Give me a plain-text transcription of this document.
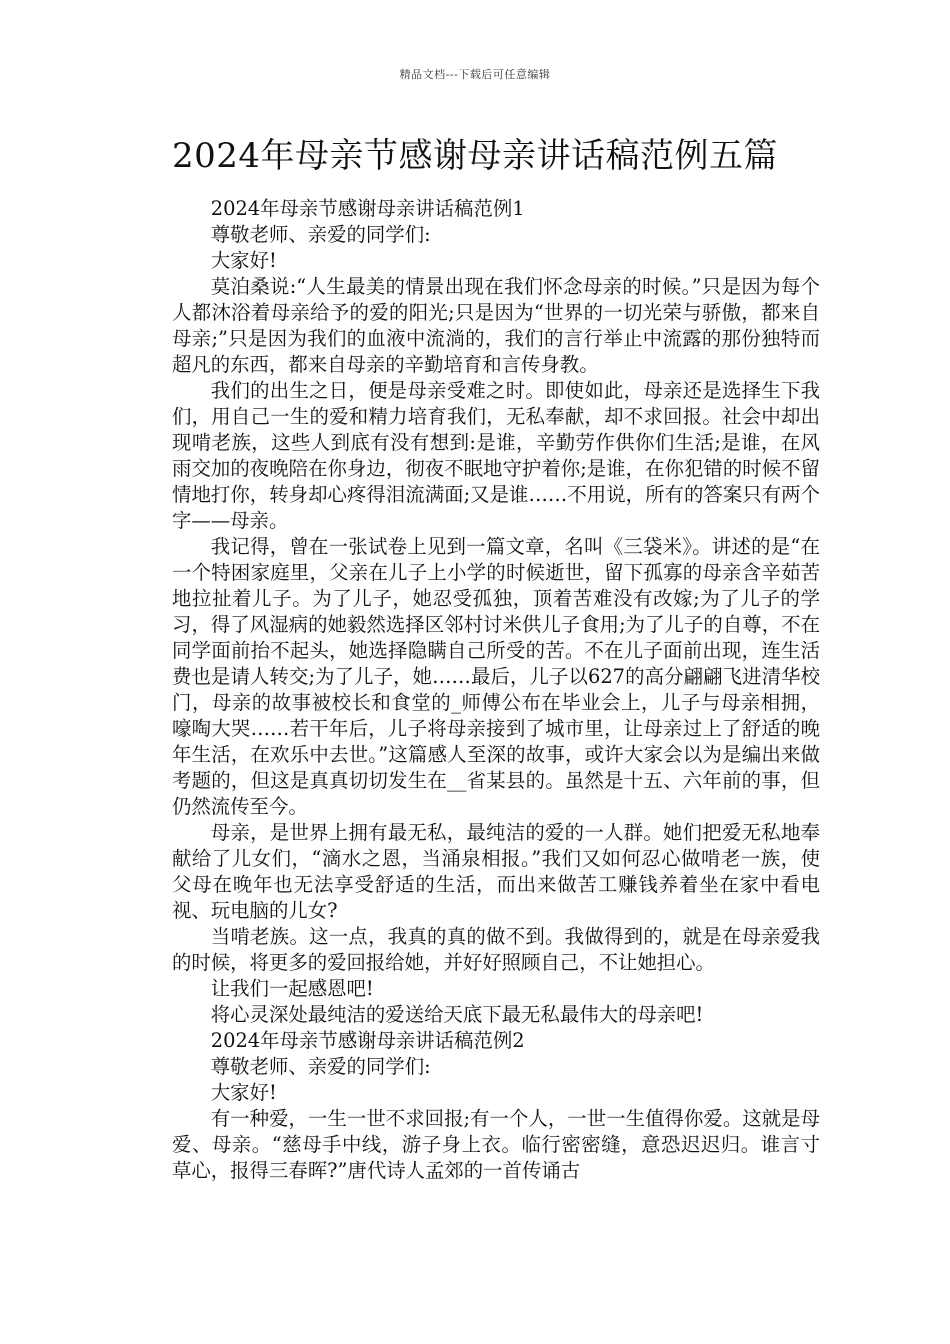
精品文档---下载后可任意编辑
2024年母亲节感谢母亲讲话稿范例五篇

2024年母亲节感谢母亲讲话稿范例1

尊敬老师、亲爱的同学们:

大家好!

莫泊桑说:“人生最美的情景出现在我们怀念母亲的时候。”只是因为每个人都沐浴着母亲给予的爱的阳光;只是因为“世界的一切光荣与骄傲，都来自母亲;”只是因为我们的血液中流淌的，我们的言行举止中流露的那份独特而超凡的东西，都来自母亲的辛勤培育和言传身教。

我们的出生之日，便是母亲受难之时。即使如此，母亲还是选择生下我们，用自己一生的爱和精力培育我们，无私奉献，却不求回报。社会中却出现啃老族，这些人到底有没有想到:是谁，辛勤劳作供你们生活;是谁，在风雨交加的夜晚陪在你身边，彻夜不眠地守护着你;是谁，在你犯错的时候不留情地打你，转身却心疼得泪流满面;又是谁……不用说，所有的答案只有两个字——母亲。

我记得，曾在一张试卷上见到一篇文章，名叫《三袋米》。讲述的是“在一个特困家庭里，父亲在儿子上小学的时候逝世，留下孤寡的母亲含辛茹苦地拉扯着儿子。为了儿子，她忍受孤独，顶着苦难没有改嫁;为了儿子的学习，得了风湿病的她毅然选择区邻村讨米供儿子食用;为了儿子的自尊，不在同学面前抬不起头，她选择隐瞒自己所受的苦。不在儿子面前出现，连生活费也是请人转交;为了儿子，她……最后，儿子以627的高分翩翩飞进清华校门，母亲的故事被校长和食堂的_师傅公布在毕业会上，儿子与母亲相拥，嚎啕大哭……若干年后，儿子将母亲接到了城市里，让母亲过上了舒适的晚年生活，在欢乐中去世。”这篇感人至深的故事，或许大家会以为是编出来做考题的，但这是真真切切发生在__省某县的。虽然是十五、六年前的事，但仍然流传至今。

母亲，是世界上拥有最无私，最纯洁的爱的一人群。她们把爱无私地奉献给了儿女们，“滴水之恩，当涌泉相报。”我们又如何忍心做啃老一族，使父母在晚年也无法享受舒适的生活，而出来做苦工赚钱养着坐在家中看电视、玩电脑的儿女?

当啃老族。这一点，我真的真的做不到。我做得到的，就是在母亲爱我的时候，将更多的爱回报给她，并好好照顾自己，不让她担心。

让我们一起感恩吧!

将心灵深处最纯洁的爱送给天底下最无私最伟大的母亲吧!

2024年母亲节感谢母亲讲话稿范例2

尊敬老师、亲爱的同学们:

大家好!

有一种爱，一生一世不求回报;有一个人，一世一生值得你爱。这就是母爱、母亲。“慈母手中线，游子身上衣。临行密密缝，意恐迟迟归。谁言寸草心，报得三春晖?”唐代诗人孟郊的一首传诵古
